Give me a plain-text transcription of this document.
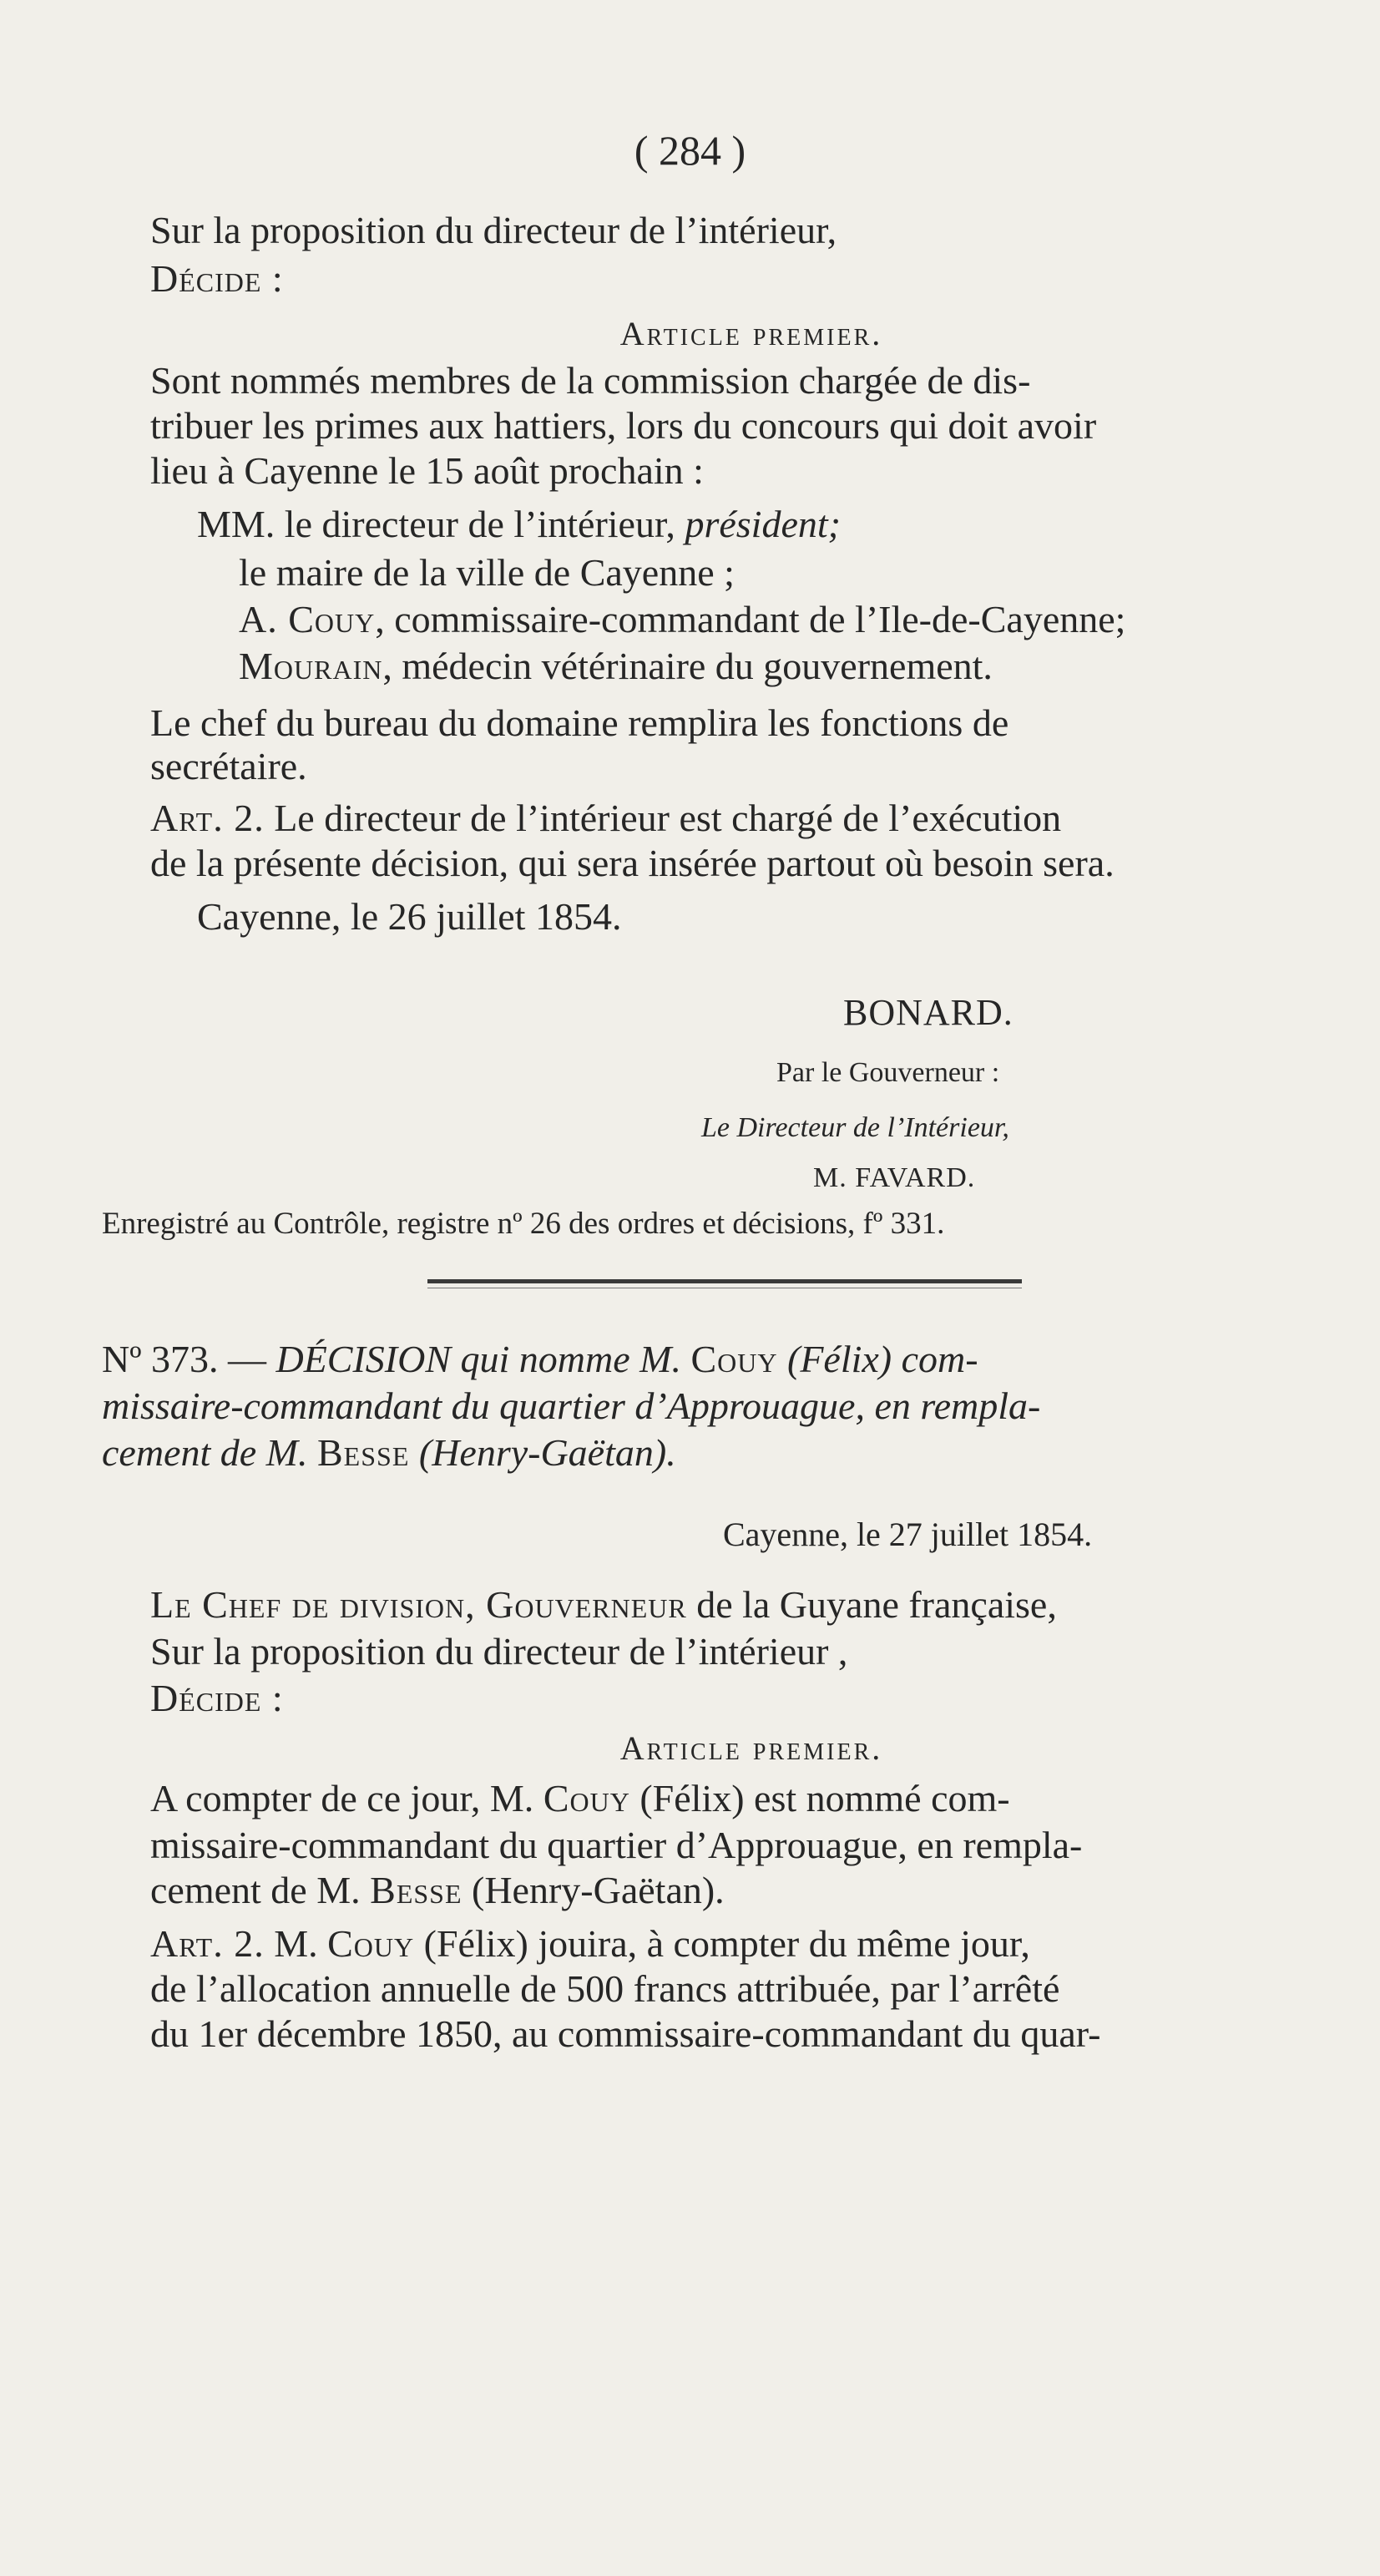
( 284 )
Sur la proposition du directeur de l’intérieur,
Décide :
Article premier.
Sont nommés membres de la commission chargée de dis-
tribuer les primes aux hattiers, lors du concours qui doit avoir
lieu à Cayenne le 15 août prochain :
MM. le directeur de l’intérieur, président;
le maire de la ville de Cayenne ;
A. Couy, commissaire-commandant de l’Ile-de-Cayenne;
Mourain, médecin vétérinaire du gouvernement.
Le chef du bureau du domaine remplira les fonctions de
secrétaire.
Art. 2. Le directeur de l’intérieur est chargé de l’exécution
de la présente décision, qui sera insérée partout où besoin sera.
Cayenne, le 26 juillet 1854.
BONARD.
Par le Gouverneur :
Le Directeur de l’Intérieur,
M. FAVARD.
Enregistré au Contrôle, registre nº 26 des ordres et décisions, fº 331.
Nº 373. — DÉCISION qui nomme M. Couy (Félix) com-
missaire-commandant du quartier d’Approuague, en rempla-
cement de M. Besse (Henry-Gaëtan).
Cayenne, le 27 juillet 1854.
Le Chef de division, Gouverneur de la Guyane française,
Sur la proposition du directeur de l’intérieur ,
Décide :
Article premier.
A compter de ce jour, M. Couy (Félix) est nommé com-
missaire-commandant du quartier d’Approuague, en rempla-
cement de M. Besse (Henry-Gaëtan).
Art. 2. M. Couy (Félix) jouira, à compter du même jour,
de l’allocation annuelle de 500 francs attribuée, par l’arrêté
du 1er décembre 1850, au commissaire-commandant du quar-
